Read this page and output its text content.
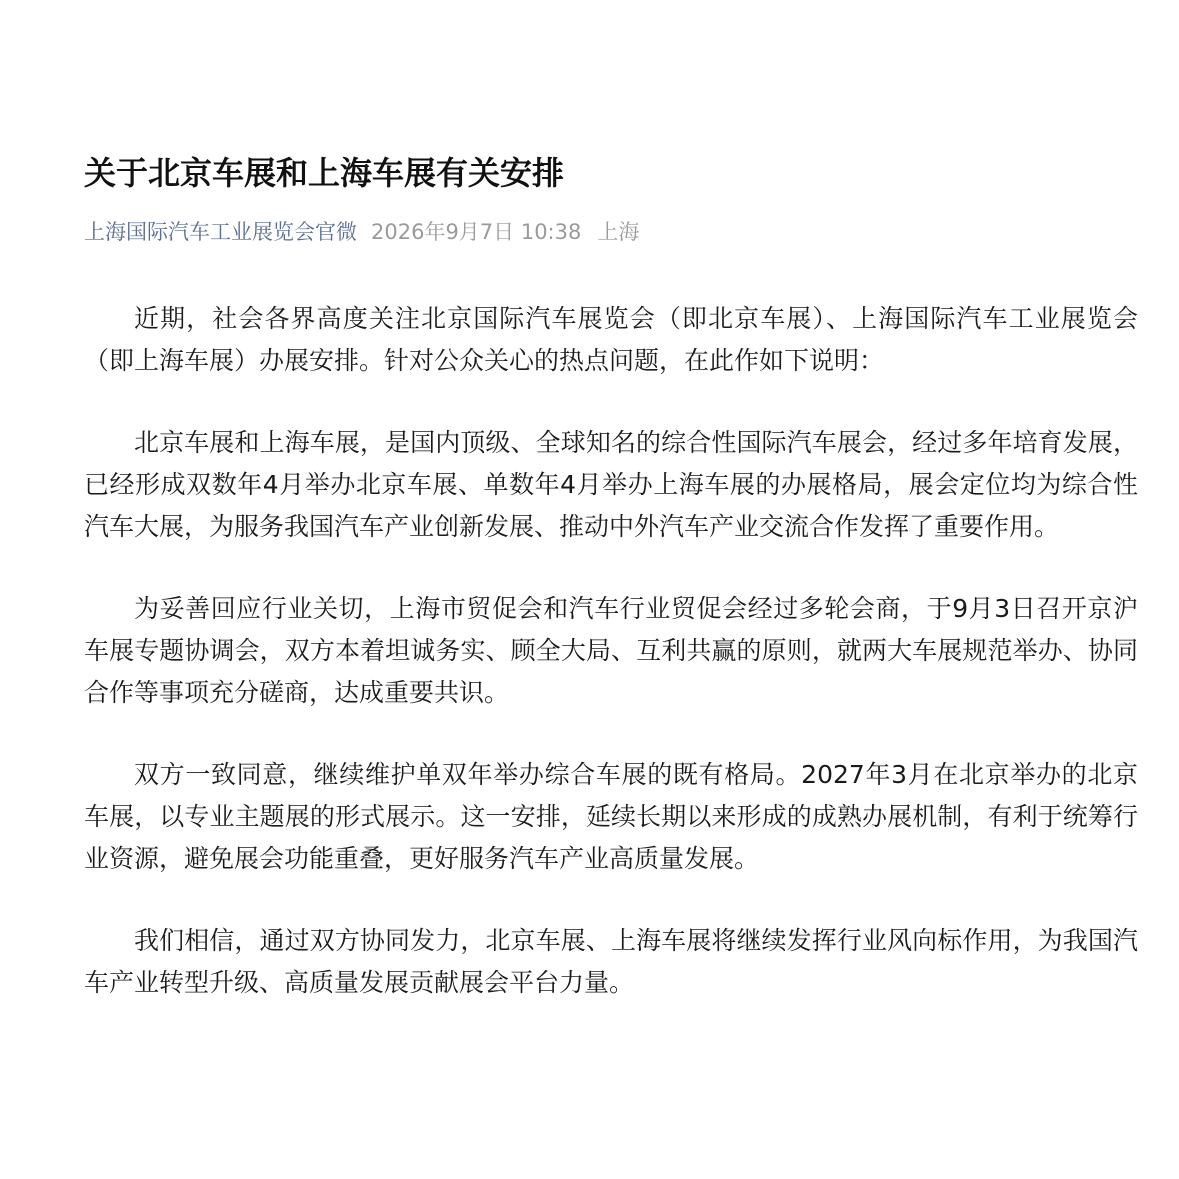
关于北京车展和上海车展有关安排
上海国际汽车工业展览会官微 2026年9月7日 10:38 上海

近期，社会各界高度关注北京国际汽车展览会（即北京车展）、上海国际汽车工业展览会（即上海车展）办展安排。针对公众关心的热点问题，在此作如下说明：

北京车展和上海车展，是国内顶级、全球知名的综合性国际汽车展会，经过多年培育发展，已经形成双数年4月举办北京车展、单数年4月举办上海车展的办展格局，展会定位均为综合性汽车大展，为服务我国汽车产业创新发展、推动中外汽车产业交流合作发挥了重要作用。

为妥善回应行业关切，上海市贸促会和汽车行业贸促会经过多轮会商，于9月3日召开京沪车展专题协调会，双方本着坦诚务实、顾全大局、互利共赢的原则，就两大车展规范举办、协同合作等事项充分磋商，达成重要共识。

双方一致同意，继续维护单双年举办综合车展的既有格局。2027年3月在北京举办的北京车展，以专业主题展的形式展示。这一安排，延续长期以来形成的成熟办展机制，有利于统筹行业资源，避免展会功能重叠，更好服务汽车产业高质量发展。

我们相信，通过双方协同发力，北京车展、上海车展将继续发挥行业风向标作用，为我国汽车产业转型升级、高质量发展贡献展会平台力量。
